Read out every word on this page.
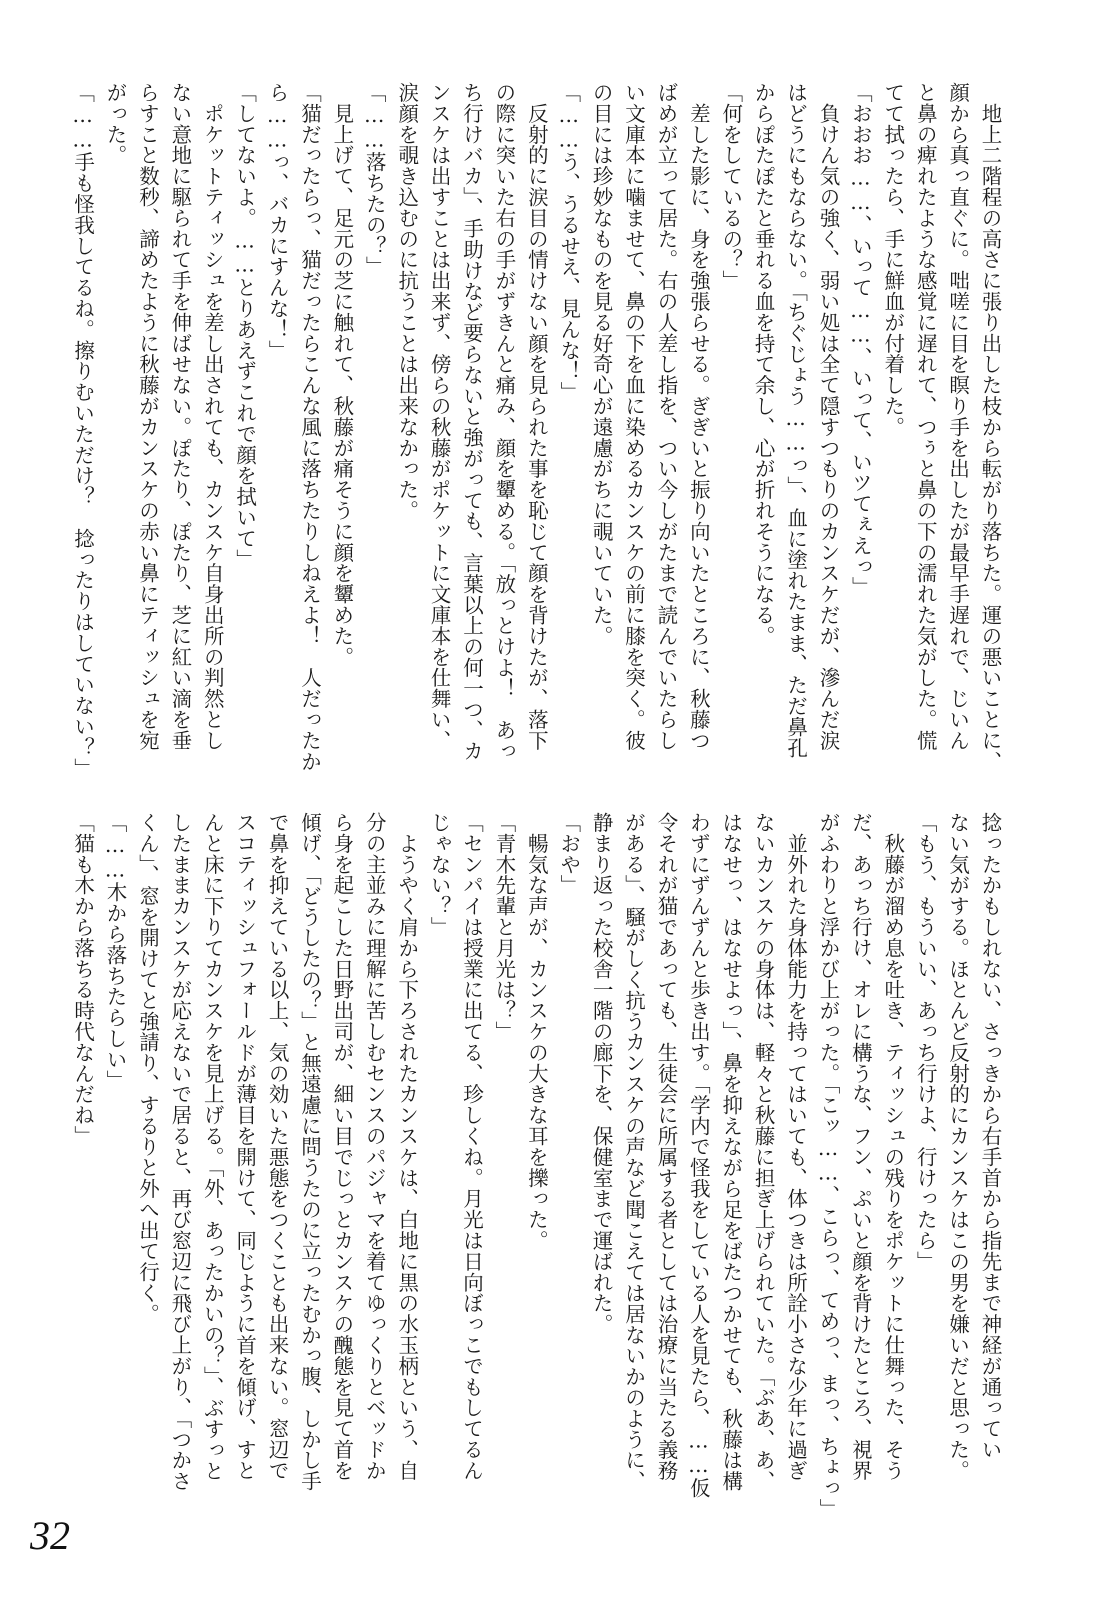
　地上二階程の高さに張り出した枝から転がり落ちた。運の悪いことに、
顔から真っ直ぐに。咄嗟に目を瞑り手を出したが最早手遅れで、じいん
と鼻の痺れたような感覚に遅れて、つぅと鼻の下の濡れた気がした。慌
てて拭ったら、手に鮮血が付着した。
「おおお……、いって……、いって、いツてぇえっ」
　負けん気の強く、弱い処は全て隠すつもりのカンスケだが、滲んだ涙
はどうにもならない。「ちぐじょう……っ」、血に塗れたまま、ただ鼻孔
からぽたぽたと垂れる血を持て余し、心が折れそうになる。
「何をしているの？」
　差した影に、身を強張らせる。ぎぎいと振り向いたところに、秋藤つ
ばめが立って居た。右の人差し指を、つい今しがたまで読んでいたらし
い文庫本に噛ませて、鼻の下を血に染めるカンスケの前に膝を突く。彼
の目には珍妙なものを見る好奇心が遠慮がちに覗いていた。
「……う、うるせえ、見んな！」
　反射的に涙目の情けない顔を見られた事を恥じて顔を背けたが、落下
の際に突いた右の手がずきんと痛み、顔を顰める。「放っとけよ！　あっ
ち行けバカ」、手助けなど要らないと強がっても、言葉以上の何一つ、カ
ンスケは出すことは出来ず、傍らの秋藤がポケットに文庫本を仕舞い、
涙顔を覗き込むのに抗うことは出来なかった。
「……落ちたの？」
　見上げて、足元の芝に触れて、秋藤が痛そうに顔を顰めた。
「猫だったらっ、猫だったらこんな風に落ちたりしねえよ！　人だったか
ら……っ、バカにすんな！」
「してないよ。……とりあえずこれで顔を拭いて」
　ポケットティッシュを差し出されても、カンスケ自身出所の判然とし
ない意地に駆られて手を伸ばせない。ぽたり、ぽたり、芝に紅い滴を垂
らすこと数秒、諦めたように秋藤がカンスケの赤い鼻にティッシュを宛
がった。
「……手も怪我してるね。擦りむいただけ？　捻ったりはしていない？」
捻ったかもしれない、さっきから右手首から指先まで神経が通ってい
ない気がする。ほとんど反射的にカンスケはこの男を嫌いだと思った。
「もう、もういい、あっち行けよ、行けったら」
　秋藤が溜め息を吐き、ティッシュの残りをポケットに仕舞った、そう
だ、あっち行け、オレに構うな、フン、ぷいと顔を背けたところ、視界
がふわりと浮かび上がった。「こッ……、こらっ、てめっ、まっ、ちょっ」
　並外れた身体能力を持ってはいても、体つきは所詮小さな少年に過ぎ
ないカンスケの身体は、軽々と秋藤に担ぎ上げられていた。「ぶあ、あ、
はなせっ、はなせよっ」、鼻を抑えながら足をばたつかせても、秋藤は構
わずにずんずんと歩き出す。「学内で怪我をしている人を見たら、……仮
令それが猫であっても、生徒会に所属する者としては治療に当たる義務
がある」、騒がしく抗うカンスケの声など聞こえては居ないかのように、
静まり返った校舎一階の廊下を、保健室まで運ばれた。
「おや」
　暢気な声が、カンスケの大きな耳を擽った。
「青木先輩と月光は？」
「センパイは授業に出てる、珍しくね。月光は日向ぼっこでもしてるん
じゃない？」
　ようやく肩から下ろされたカンスケは、白地に黒の水玉柄という、自
分の主並みに理解に苦しむセンスのパジャマを着てゆっくりとベッドか
ら身を起こした日野出司が、細い目でじっとカンスケの醜態を見て首を
傾げ、「どうしたの？」と無遠慮に問うたのに立ったむかっ腹、しかし手
で鼻を抑えている以上、気の効いた悪態をつくことも出来ない。窓辺で
スコティッシュフォールドが薄目を開けて、同じように首を傾げ、すと
んと床に下りてカンスケを見上げる。「外、あったかいの？」、ぶすっと
したままカンスケが応えないで居ると、再び窓辺に飛び上がり、「つかさ
くん」、窓を開けてと強請り、するりと外へ出て行く。
「……木から落ちたらしい」
「猫も木から落ちる時代なんだね」
32
